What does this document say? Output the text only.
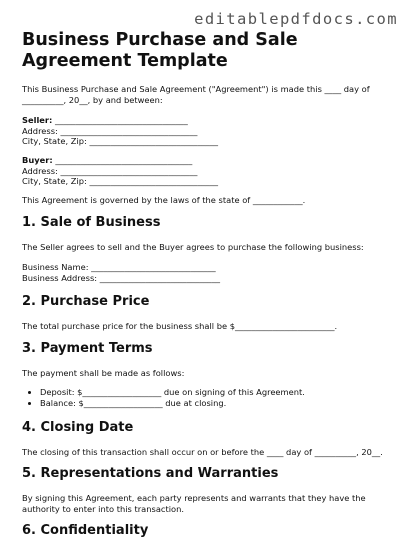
editablepdfdocs.com
Business Purchase and Sale Agreement Template

This Business Purchase and Sale Agreement ("Agreement") is made this ____ day of __________, 20__, by and between:

Seller: ________________________________
Address: _________________________________
City, State, Zip: _______________________________
Buyer: _________________________________
Address: _________________________________
City, State, Zip: _______________________________

This Agreement is governed by the laws of the state of ____________.

1. Sale of Business

The Seller agrees to sell and the Buyer agrees to purchase the following business:

Business Name: ______________________________
Business Address: _____________________________
2. Purchase Price

The total purchase price for the business shall be $________________________.

3. Payment Terms

The payment shall be made as follows:

• Deposit: $___________________ due on signing of this Agreement.
• Balance: $___________________ due at closing.
4. Closing Date

The closing of this transaction shall occur on or before the ____ day of __________, 20__.

5. Representations and Warranties

By signing this Agreement, each party represents and warrants that they have the authority to enter into this transaction.

6. Confidentiality
